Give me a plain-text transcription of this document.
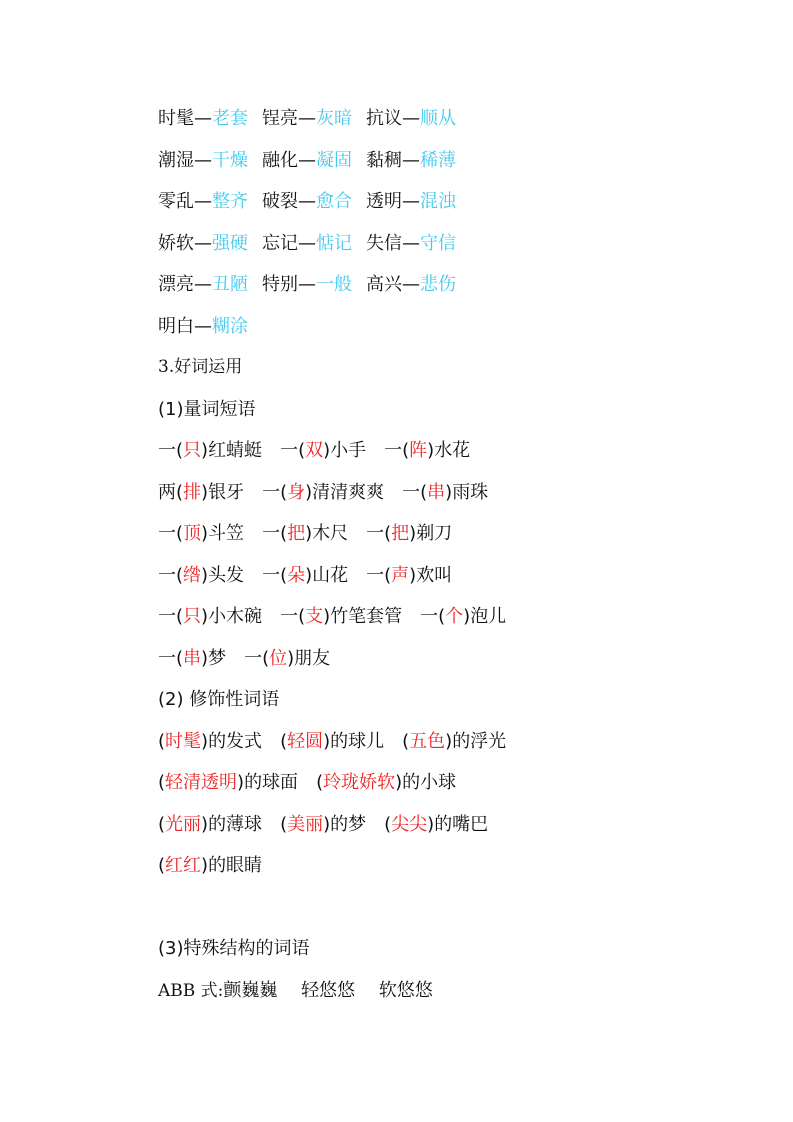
时髦—老套 锃亮—灰暗 抗议—顺从
潮湿—干燥 融化—凝固 黏稠—稀薄
零乱—整齐 破裂—愈合 透明—混浊
娇软—强硬 忘记—惦记 失信—守信
漂亮—丑陋 特别—一般 高兴—悲伤
明白—糊涂
3.好词运用
(1)量词短语
一(只)红蜻蜓 一(双)小手 一(阵)水花
两(排)银牙 一(身)清清爽爽 一(串)雨珠
一(顶)斗笠 一(把)木尺 一(把)剃刀
一(绺)头发 一(朵)山花 一(声)欢叫
一(只)小木碗 一(支)竹笔套管 一(个)泡儿
一(串)梦 一(位)朋友
(2) 修饰性词语
(时髦)的发式 (轻圆)的球儿 (五色)的浮光
(轻清透明)的球面 (玲珑娇软)的小球
(光丽)的薄球 (美丽)的梦 (尖尖)的嘴巴
(红红)的眼睛
(3)特殊结构的词语
ABB 式:颤巍巍 轻悠悠 软悠悠
